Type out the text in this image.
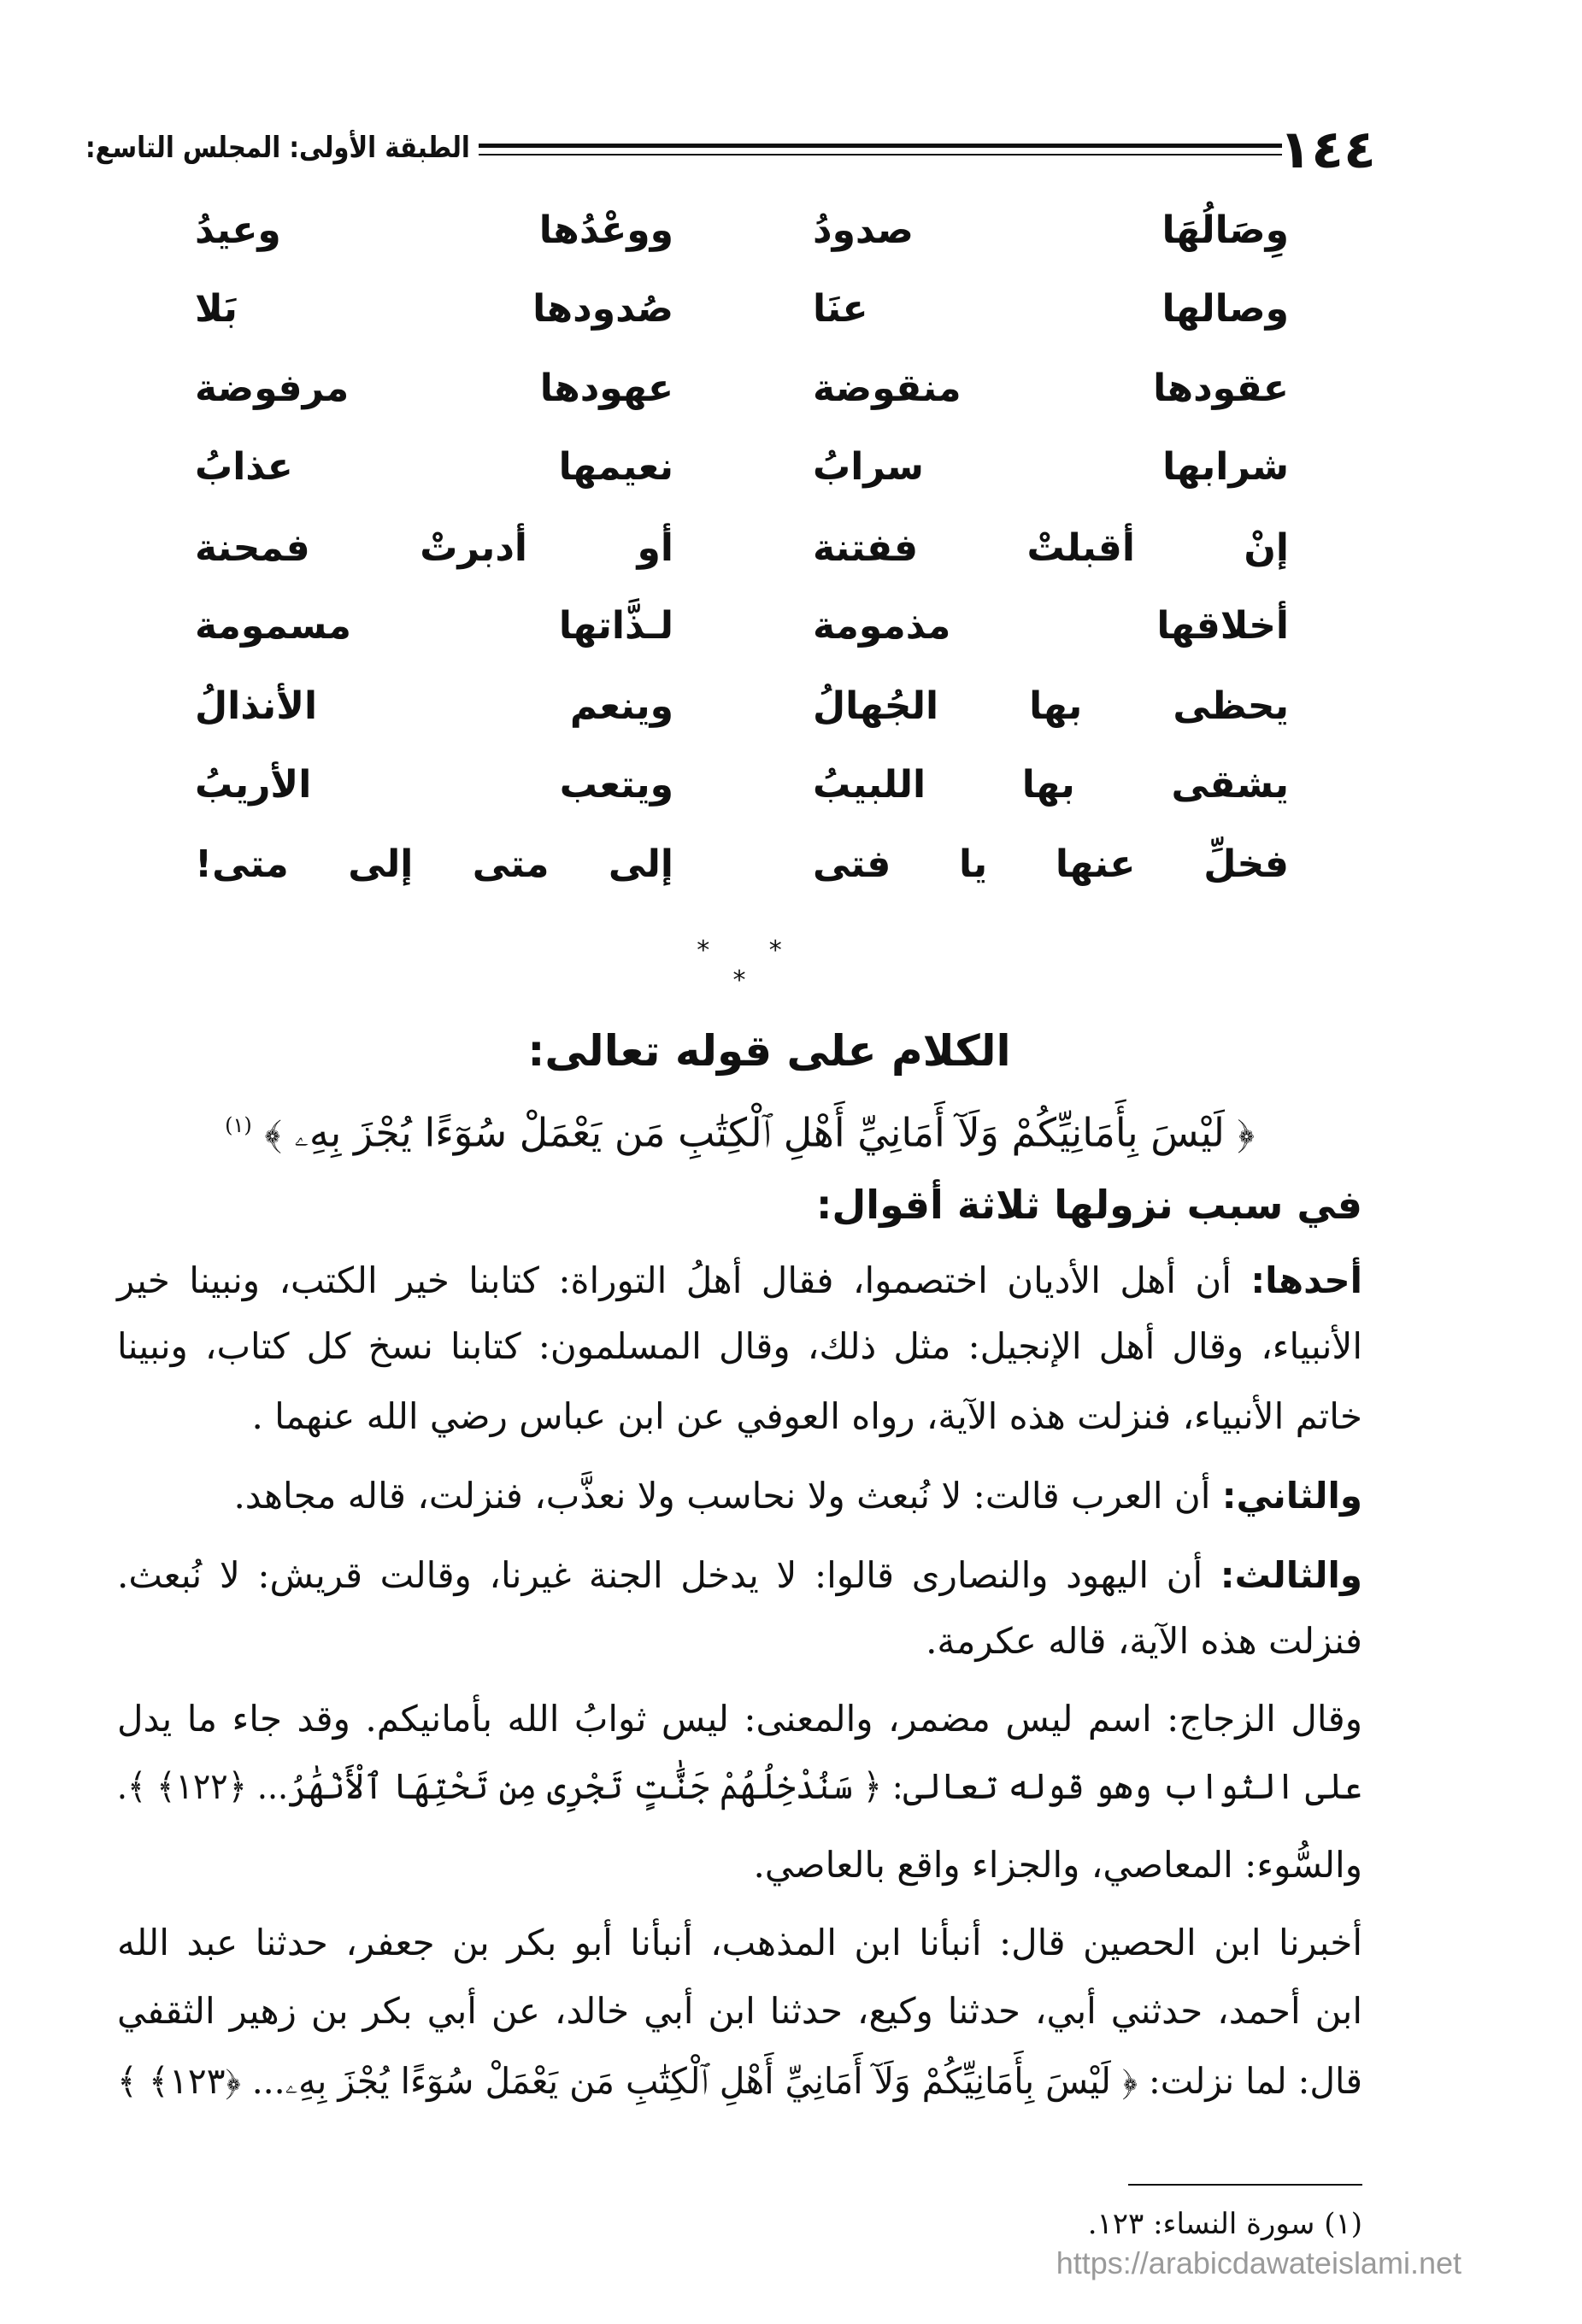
١٤٤
الطبقة الأولى: المجلس التاسع:
وِصَالُهَا صدودُ
ووعْدُها وعيدُ
وصالها عنَا
صُدودها بَلا
عقودها منقوضة
عهودها مرفوضة
شرابها سرابُ
نعيمها عذابُ
إنْ أقبلتْ ففتنة
أو أدبرتْ فمحنة
أخلاقها مذمومة
لـذَّاتها مسمومة
يحظى بها الجُهالُ
وينعم الأنذالُ
يشقى بها اللبيبُ
ويتعب الأريبُ
فخلِّ عنها يا فتى
إلى متى إلى متى!
* * *
الكلام على قوله تعالى:
﴿ لَيْسَ بِأَمَانِيِّكُمْ وَلَآ أَمَانِيِّ أَهْلِ ٱلْكِتَٰبِ مَن يَعْمَلْ سُوٓءًا يُجْزَ بِهِۦ ﴾ $^{(١)}$
في سبب نزولها ثلاثة أقوال:
أحدها: أن أهل الأديان اختصموا، فقال أهلُ التوراة: كتابنا خير الكتب، ونبينا خير
الأنبياء، وقال أهل الإنجيل: مثل ذلك، وقال المسلمون: كتابنا نسخ كل كتاب، ونبينا
خاتم الأنبياء، فنزلت هذه الآية، رواه العوفي عن ابن عباس رضي الله عنهما .
والثاني: أن العرب قالت: لا نُبعث ولا نحاسب ولا نعذَّب، فنزلت، قاله مجاهد.
والثالث: أن اليهود والنصارى قالوا: لا يدخل الجنة غيرنا، وقالت قريش: لا نُبعث.
فنزلت هذه الآية، قاله عكرمة.
وقال الزجاج: اسم ليس مضمر، والمعنى: ليس ثوابُ الله بأمانيكم. وقد جاء ما يدل
على الثواب وهو قوله تعالى: ﴿ سَنُدْخِلُهُمْ جَنَّٰتٍ تَجْرِى مِن تَحْتِهَا ٱلْأَنْهَٰرُ... ﴿١٢٢﴾ ﴾.
والسُّوء: المعاصي، والجزاء واقع بالعاصي.
أخبرنا ابن الحصين قال: أنبأنا ابن المذهب، أنبأنا أبو بكر بن جعفر، حدثنا عبد الله
ابن أحمد، حدثني أبي، حدثنا وكيع، حدثنا ابن أبي خالد، عن أبي بكر بن زهير الثقفي
قال: لما نزلت: ﴿ لَيْسَ بِأَمَانِيِّكُمْ وَلَآ أَمَانِيِّ أَهْلِ ٱلْكِتَٰبِ مَن يَعْمَلْ سُوٓءًا يُجْزَ بِهِۦ... ﴿١٢٣﴾ ﴾
(١) سورة النساء: ١٢٣.
https://arabicdawateislami.net
